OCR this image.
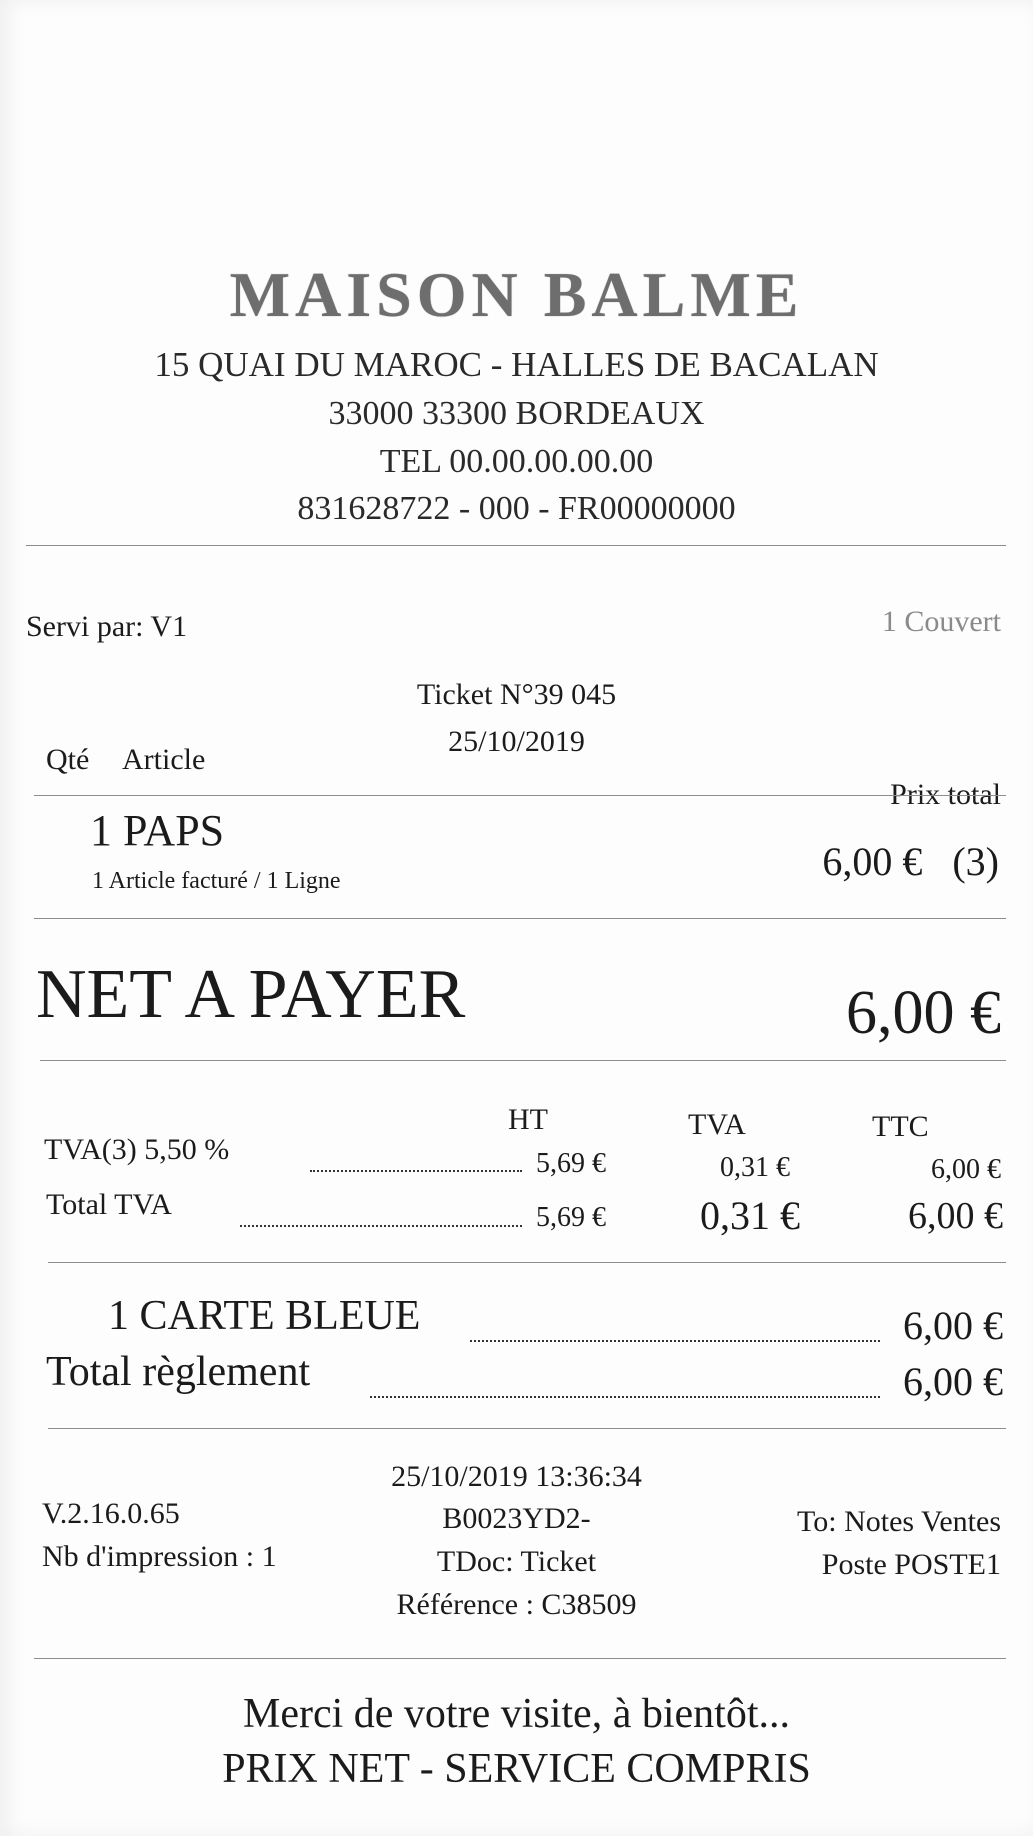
MAISON BALME
15 QUAI DU MAROC - HALLES DE BACALAN
33000 33300 BORDEAUX
TEL 00.00.00.00.00
831628722 - 000 - FR00000000
Servi par: V1	1 Couvert
Ticket N°39 045
25/10/2019
Qté Article
Prix total
1 PAPS
1 Article facturé / 1 Ligne	6,00 € (3)
NET A PAYER	6,00 €
HT	TVA	TTC
TVA(3) 5,50 %	5,69 €	0,31 €	6,00 €
Total TVA	5,69 € 0,31 €	6,00 €
1 CARTE BLEUE	6,00 €
Total règlement	6,00 €
25/10/2019 13:36:34
V.2.16.0.65	B0023YD2-	To: Notes Ventes
Nb d'impression : 1	TDoc: Ticket	Poste POSTE1
Référence : C38509
Merci de votre visite, à bientôt...
PRIX NET - SERVICE COMPRIS
